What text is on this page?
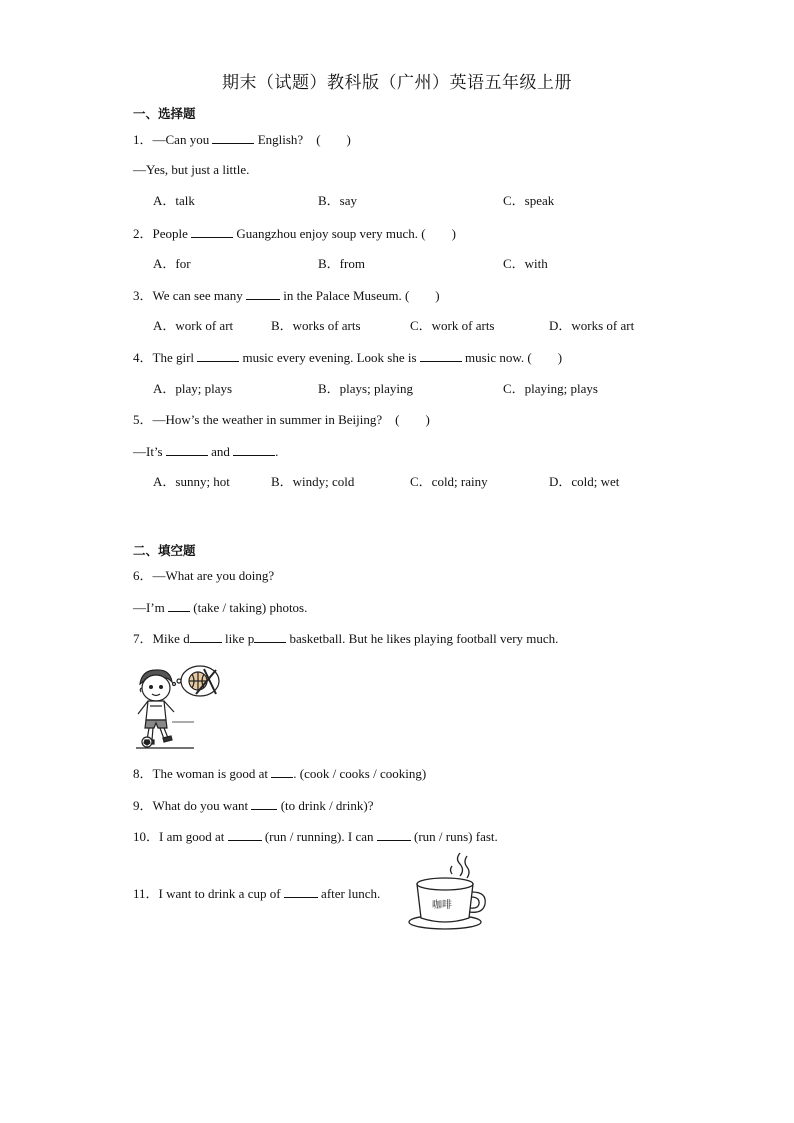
期末（试题）教科版（广州）英语五年级上册
一、选择题
1．—Can you	English?　(　　)
—Yes, but just a little.
A．talk	B．say	C．speak
2．People	Guangzhou enjoy soup very much. (　　)
A．for	B．from	C．with
3．We can see many	in the Palace Museum. (　　)
A．work of art	B．works of arts	C．work of arts	D．works of art
4．The girl	music every evening. Look she is	music now. (　　)
A．play; plays	B．plays; playing	C．playing; plays
5．—How’s the weather in summer in Beijing?　(　　)
—It’s	and	.
A．sunny; hot	B．windy; cold	C．cold; rainy	D．cold; wet
二、填空题
6．—What are you doing?
—I’m (take / taking) photos.
7．Mike d	like p	basketball. But he likes playing football very much.
8．The woman is good at . (cook / cooks / cooking)
9．What do you want	(to drink / drink)?
10．I am good at	(run / running). I can	(run / runs) fast.
11．I want to drink a cup of	after lunch.
咖啡
